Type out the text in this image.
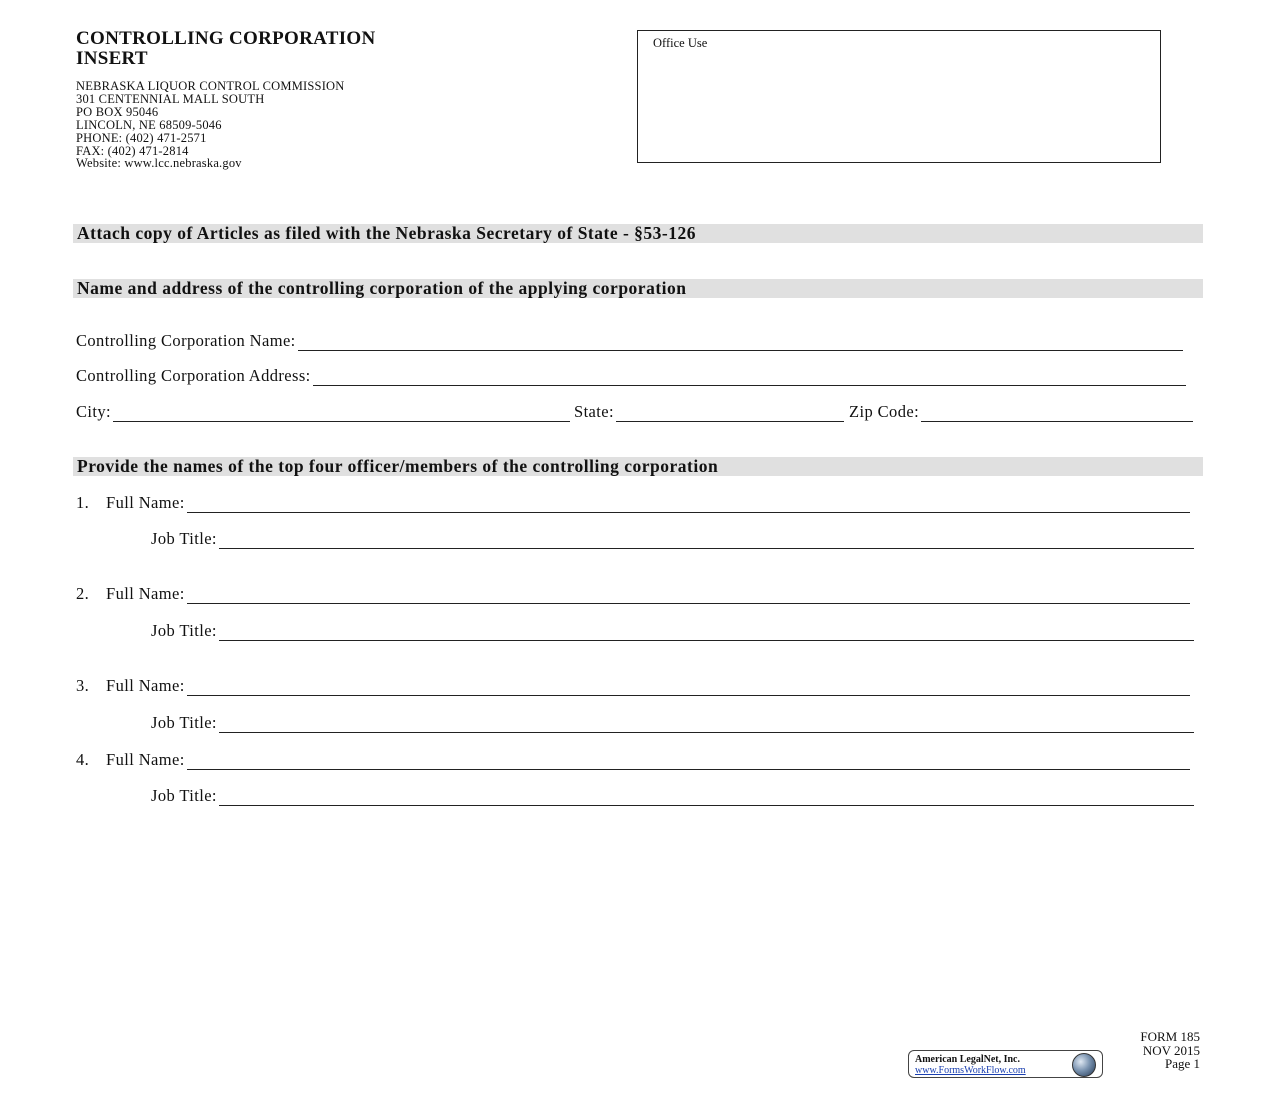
CONTROLLING CORPORATION
INSERT
NEBRASKA LIQUOR CONTROL COMMISSION
301 CENTENNIAL MALL SOUTH
PO BOX 95046
LINCOLN, NE 68509-5046
PHONE: (402) 471-2571
FAX: (402) 471-2814
Website: www.lcc.nebraska.gov
Office Use
Attach copy of Articles as filed with the Nebraska Secretary of State - §53-126
Name and address of the controlling corporation of the applying corporation
Controlling Corporation Name:
Controlling Corporation Address:
City:	State:	Zip Code:
Provide the names of the top four officer/members of the controlling corporation
1.	Full Name:
Job Title:
2.	Full Name:
Job Title:
3.	Full Name:
Job Title:
4.	Full Name:
Job Title:
FORM 185
NOV 2015
Page 1
American LegalNet, Inc.
www.FormsWorkFlow.com
